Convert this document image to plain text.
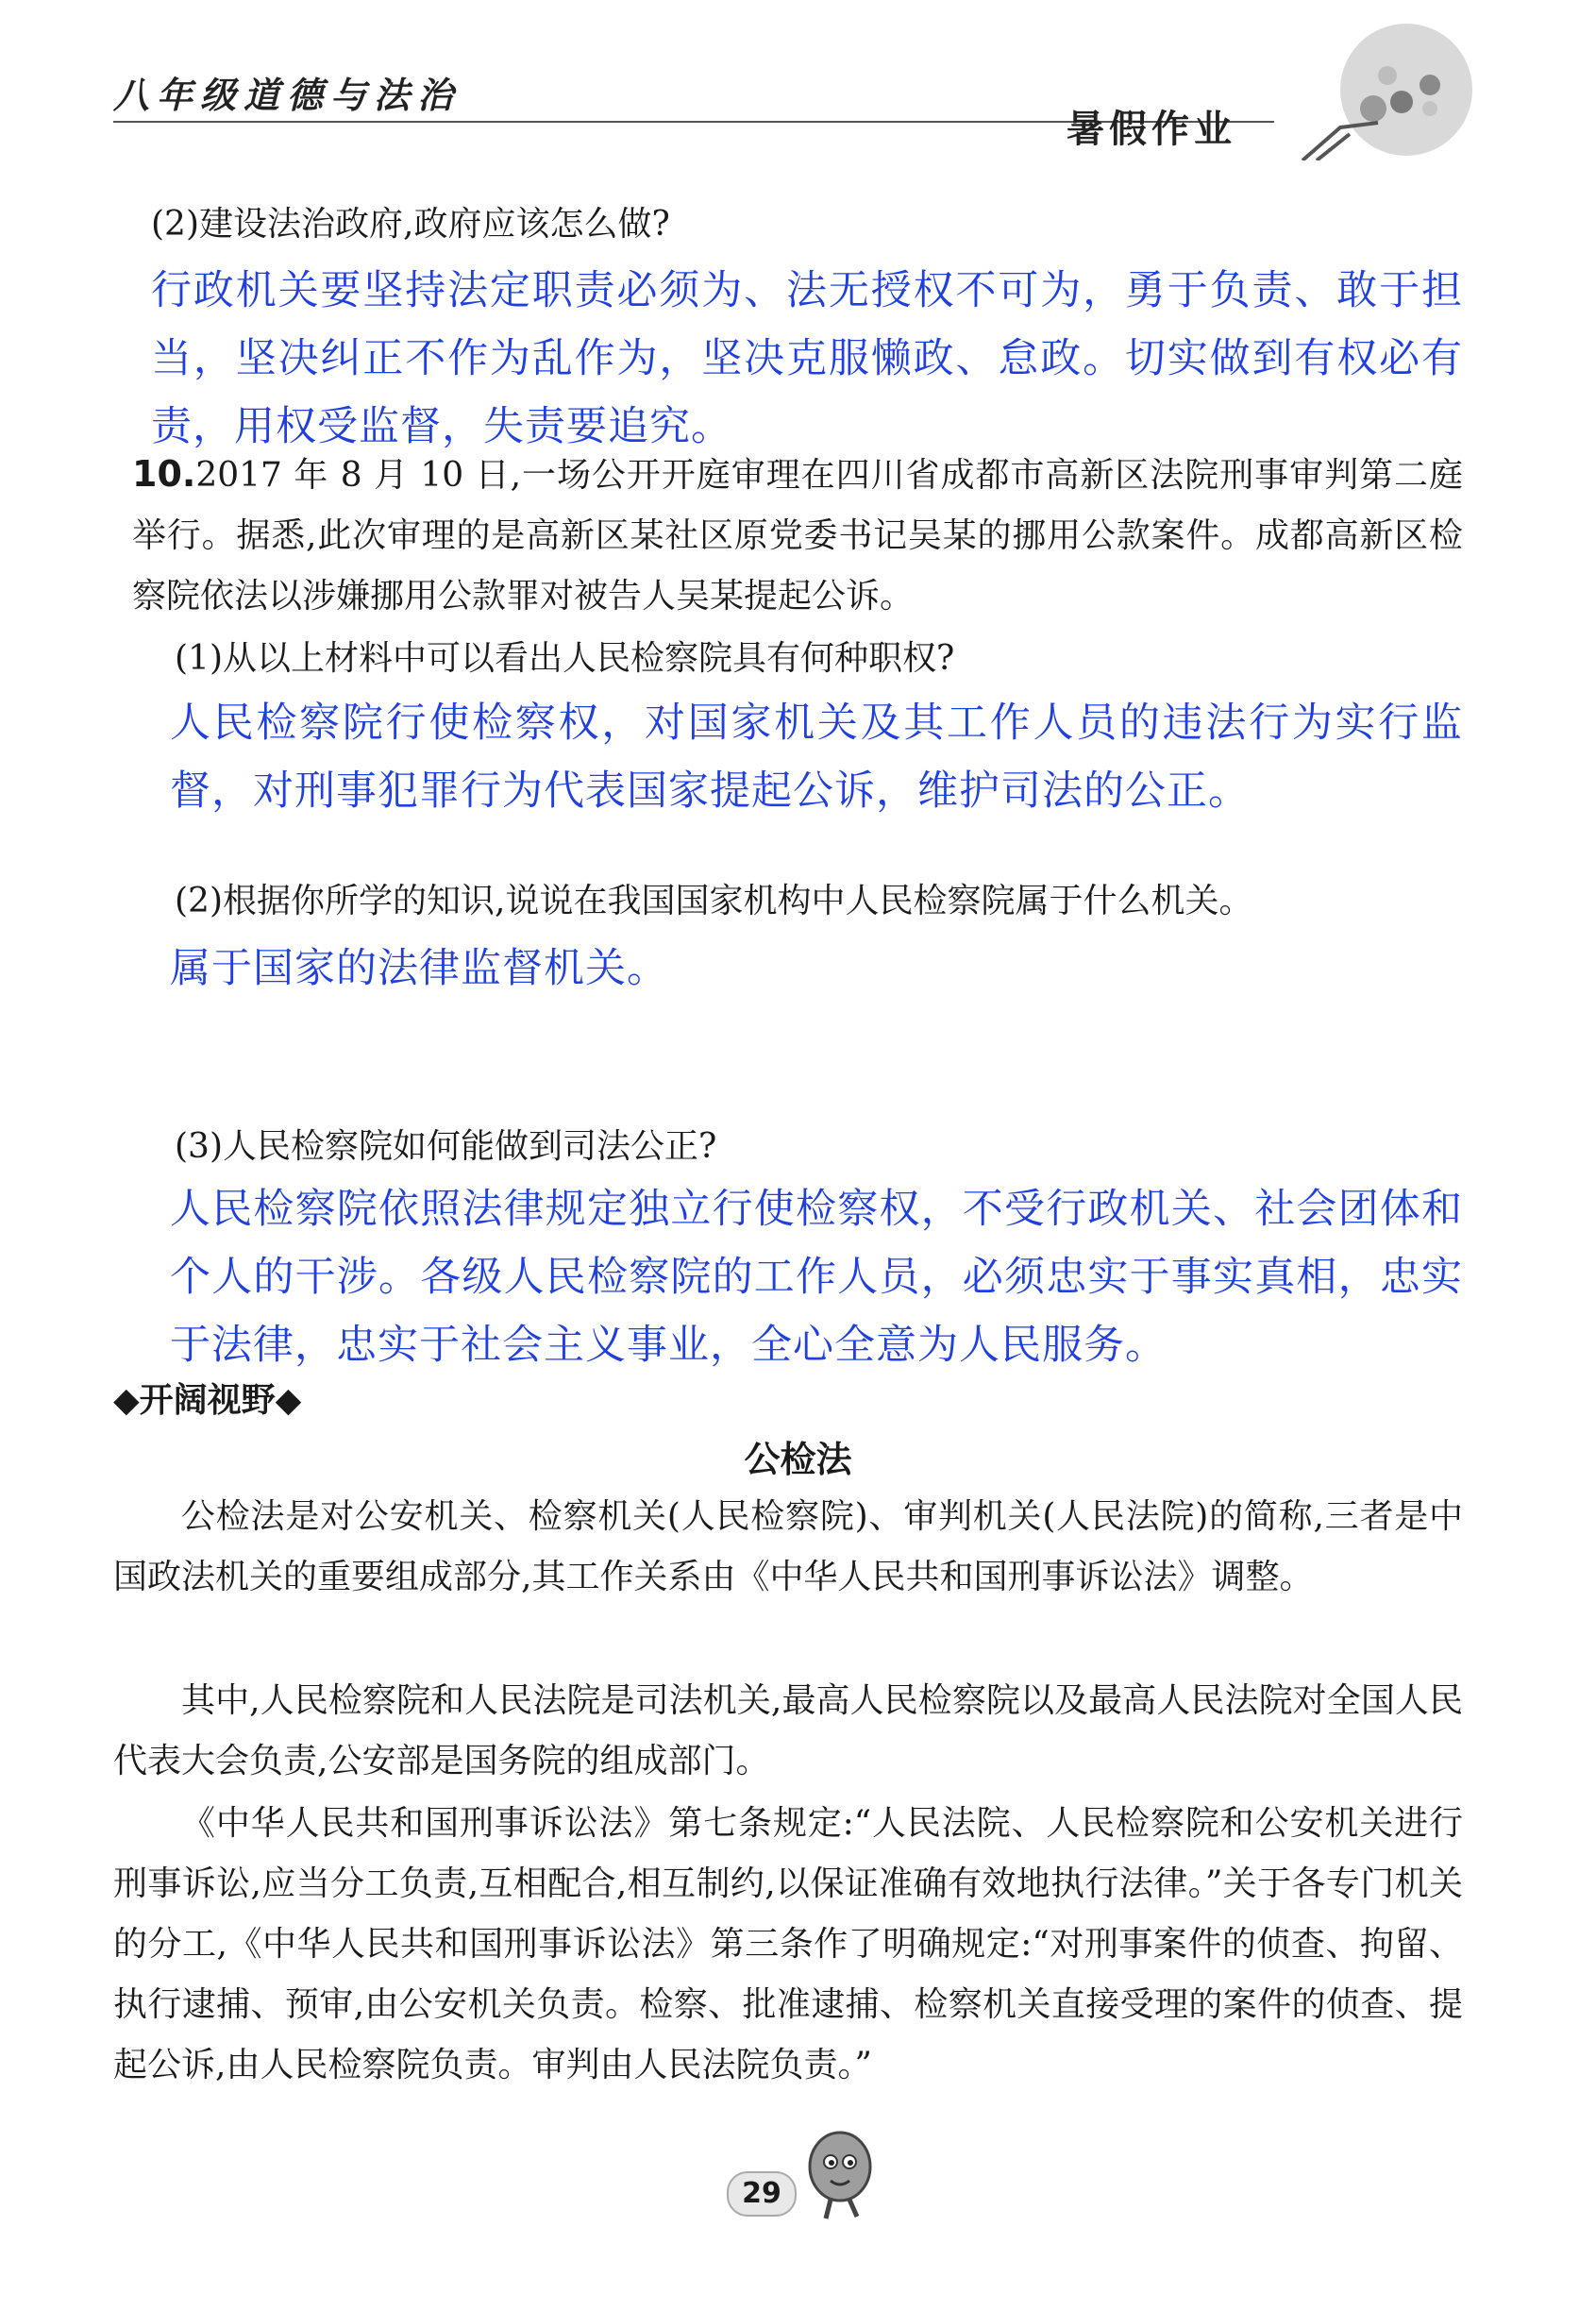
八年级道德与法治
暑假作业
(2)建设法治政府,政府应该怎么做?
行政机关要坚持法定职责必须为、法无授权不可为，勇于负责、敢于担当，坚决纠正不作为乱作为，坚决克服懒政、怠政。切实做到有权必有责，用权受监督，失责要追究。
10.2017 年 8 月 10 日,一场公开开庭审理在四川省成都市高新区法院刑事审判第二庭举行。据悉,此次审理的是高新区某社区原党委书记吴某的挪用公款案件。成都高新区检察院依法以涉嫌挪用公款罪对被告人吴某提起公诉。
(1)从以上材料中可以看出人民检察院具有何种职权?
人民检察院行使检察权，对国家机关及其工作人员的违法行为实行监督，对刑事犯罪行为代表国家提起公诉，维护司法的公正。
(2)根据你所学的知识,说说在我国国家机构中人民检察院属于什么机关。
属于国家的法律监督机关。
(3)人民检察院如何能做到司法公正?
人民检察院依照法律规定独立行使检察权，不受行政机关、社会团体和个人的干涉。各级人民检察院的工作人员，必须忠实于事实真相，忠实于法律，忠实于社会主义事业，全心全意为人民服务。
◆开阔视野◆
公检法
公检法是对公安机关、检察机关(人民检察院)、审判机关(人民法院)的简称,三者是中国政法机关的重要组成部分,其工作关系由《中华人民共和国刑事诉讼法》调整。
其中,人民检察院和人民法院是司法机关,最高人民检察院以及最高人民法院对全国人民代表大会负责,公安部是国务院的组成部门。
《中华人民共和国刑事诉讼法》第七条规定:“人民法院、人民检察院和公安机关进行刑事诉讼,应当分工负责,互相配合,相互制约,以保证准确有效地执行法律。”关于各专门机关的分工,《中华人民共和国刑事诉讼法》第三条作了明确规定:“对刑事案件的侦查、拘留、执行逮捕、预审,由公安机关负责。检察、批准逮捕、检察机关直接受理的案件的侦查、提起公诉,由人民检察院负责。审判由人民法院负责。”
29
